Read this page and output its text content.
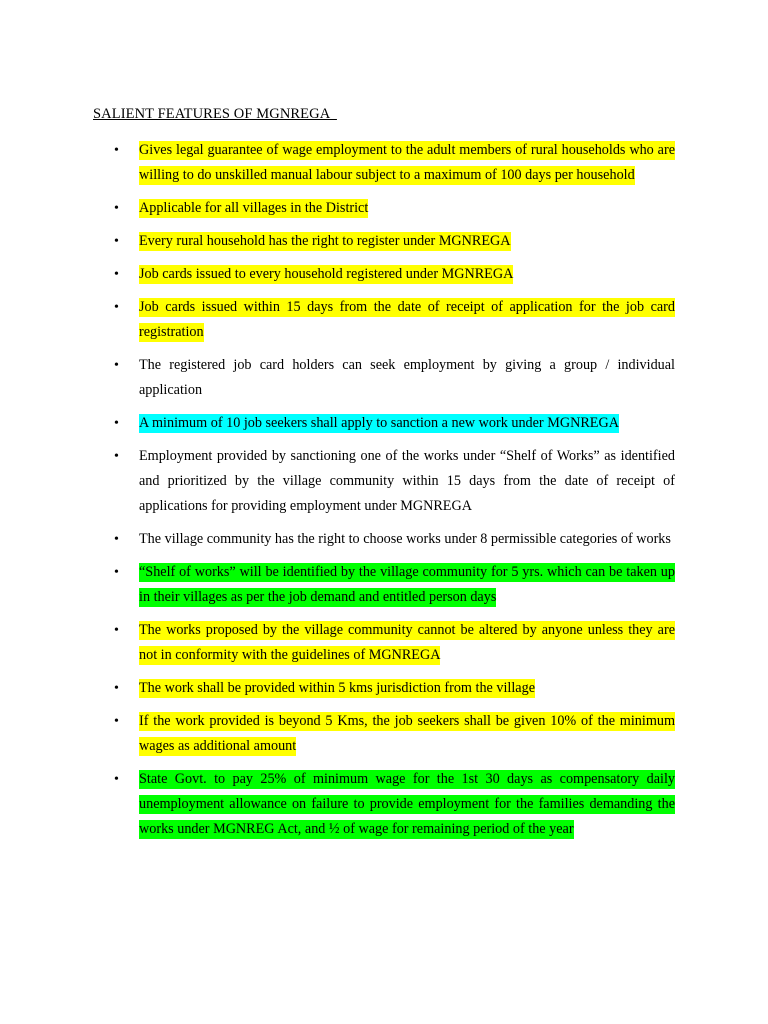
SALIENT FEATURES OF MGNREGA
• Gives legal guarantee of wage employment to the adult members of rural households who are willing to do unskilled manual labour subject to a maximum of 100 days per household
• Applicable for all villages in the District
• Every rural household has the right to register under MGNREGA
• Job cards issued to every household registered under MGNREGA
• Job cards issued within 15 days from the date of receipt of application for the job card registration
• The registered job card holders can seek employment by giving a group / individual application
• A minimum of 10 job seekers shall apply to sanction a new work under MGNREGA
• Employment provided by sanctioning one of the works under “Shelf of Works” as identified and prioritized by the village community within 15 days from the date of receipt of applications for providing employment under MGNREGA
• The village community has the right to choose works under 8 permissible categories of works
• “Shelf of works” will be identified by the village community for 5 yrs. which can be taken up in their villages as per the job demand and entitled person days
• The works proposed by the village community cannot be altered by anyone unless they are not in conformity with the guidelines of MGNREGA
• The work shall be provided within 5 kms jurisdiction from the village
• If the work provided is beyond 5 Kms, the job seekers shall be given 10% of the minimum wages as additional amount
• State Govt. to pay 25% of minimum wage for the 1st 30 days as compensatory daily unemployment allowance on failure to provide employment for the families demanding the works under MGNREG Act, and ½ of wage for remaining period of the year
